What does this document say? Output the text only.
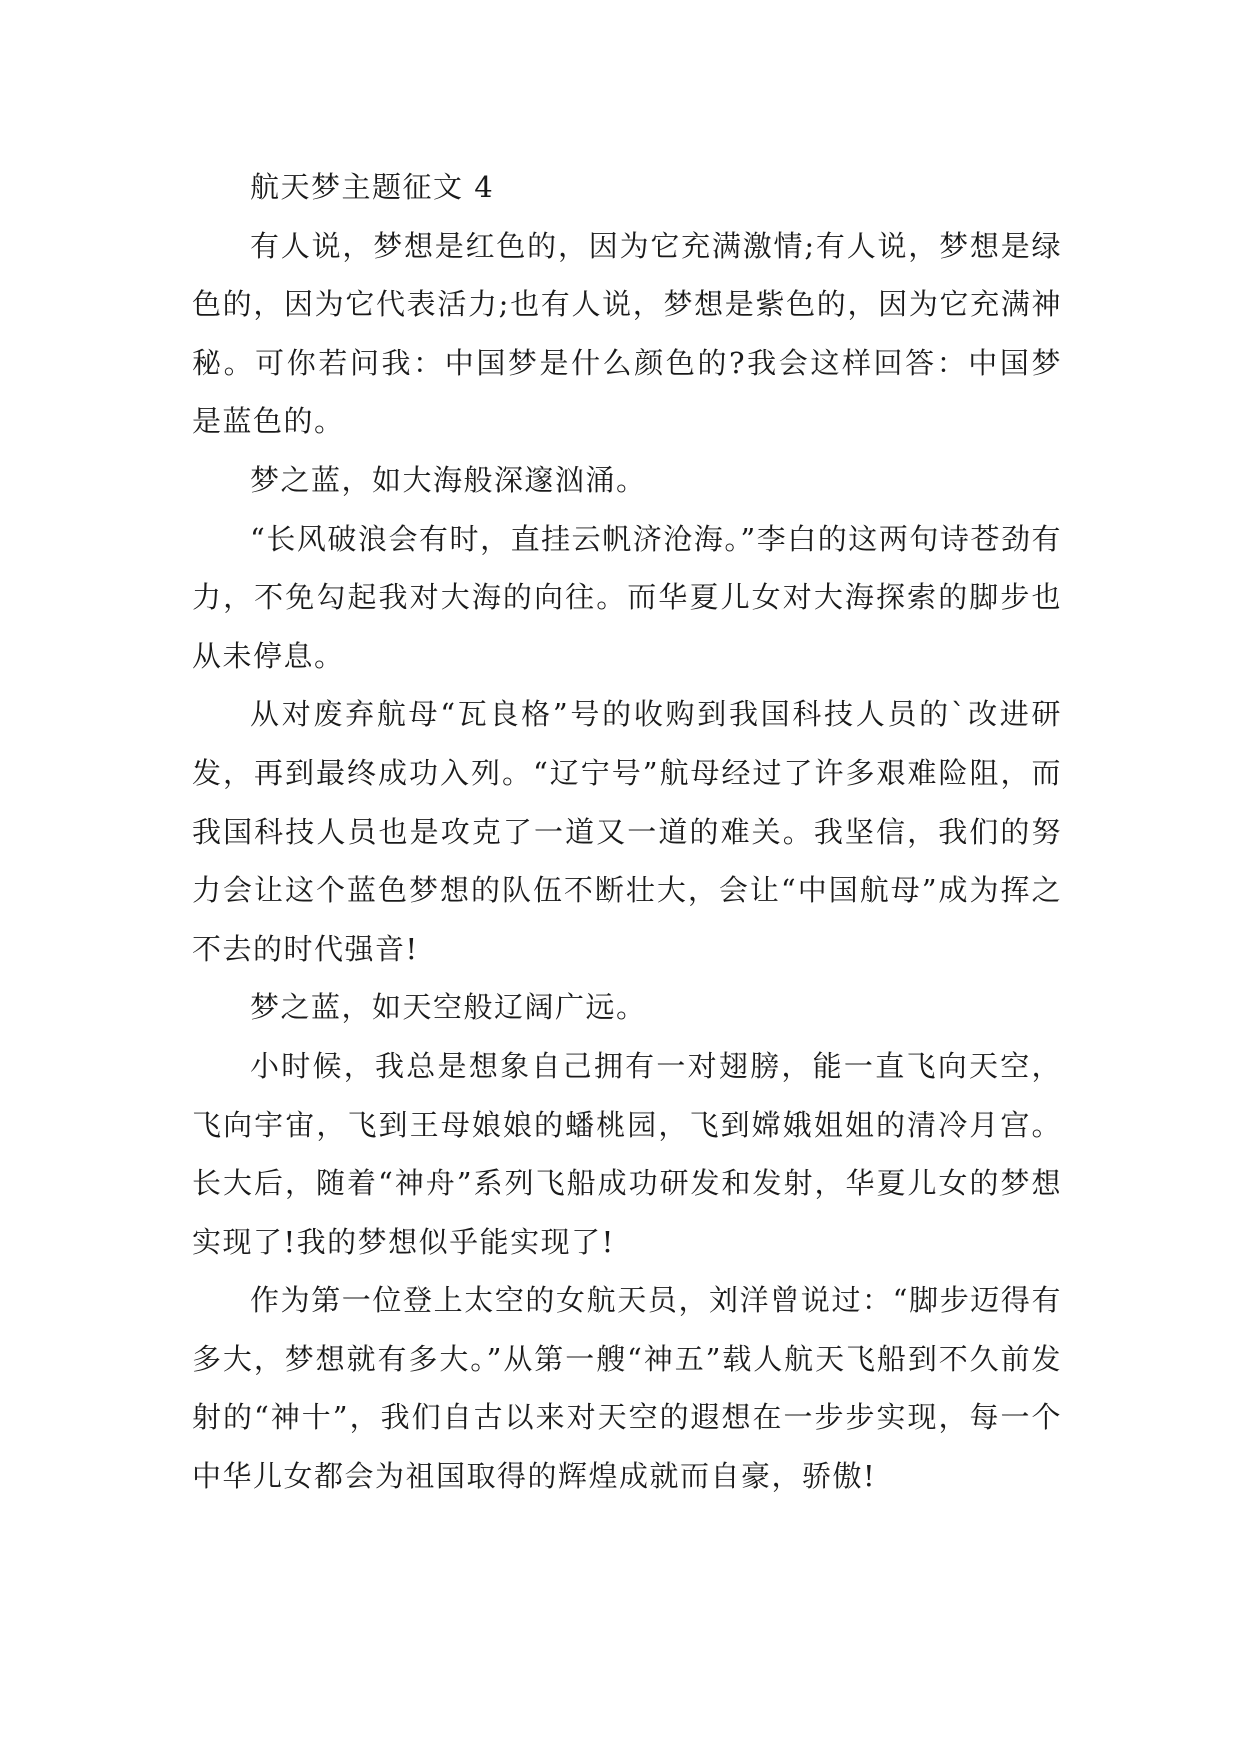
航天梦主题征文 4

有人说，梦想是红色的，因为它充满激情;有人说，梦想是绿色的，因为它代表活力;也有人说，梦想是紫色的，因为它充满神秘。可你若问我：中国梦是什么颜色的?我会这样回答：中国梦是蓝色的。

梦之蓝，如大海般深邃汹涌。

“长风破浪会有时，直挂云帆济沧海。”李白的这两句诗苍劲有力，不免勾起我对大海的向往。而华夏儿女对大海探索的脚步也从未停息。

从对废弃航母“瓦良格”号的收购到我国科技人员的`改进研发，再到最终成功入列。“辽宁号”航母经过了许多艰难险阻，而我国科技人员也是攻克了一道又一道的难关。我坚信，我们的努力会让这个蓝色梦想的队伍不断壮大，会让“中国航母”成为挥之不去的时代强音!

梦之蓝，如天空般辽阔广远。

小时候，我总是想象自己拥有一对翅膀，能一直飞向天空，飞向宇宙，飞到王母娘娘的蟠桃园，飞到嫦娥姐姐的清冷月宫。长大后，随着“神舟”系列飞船成功研发和发射，华夏儿女的梦想实现了!我的梦想似乎能实现了!

作为第一位登上太空的女航天员，刘洋曾说过：“脚步迈得有多大，梦想就有多大。”从第一艘“神五”载人航天飞船到不久前发射的“神十”，我们自古以来对天空的遐想在一步步实现，每一个中华儿女都会为祖国取得的辉煌成就而自豪，骄傲!
